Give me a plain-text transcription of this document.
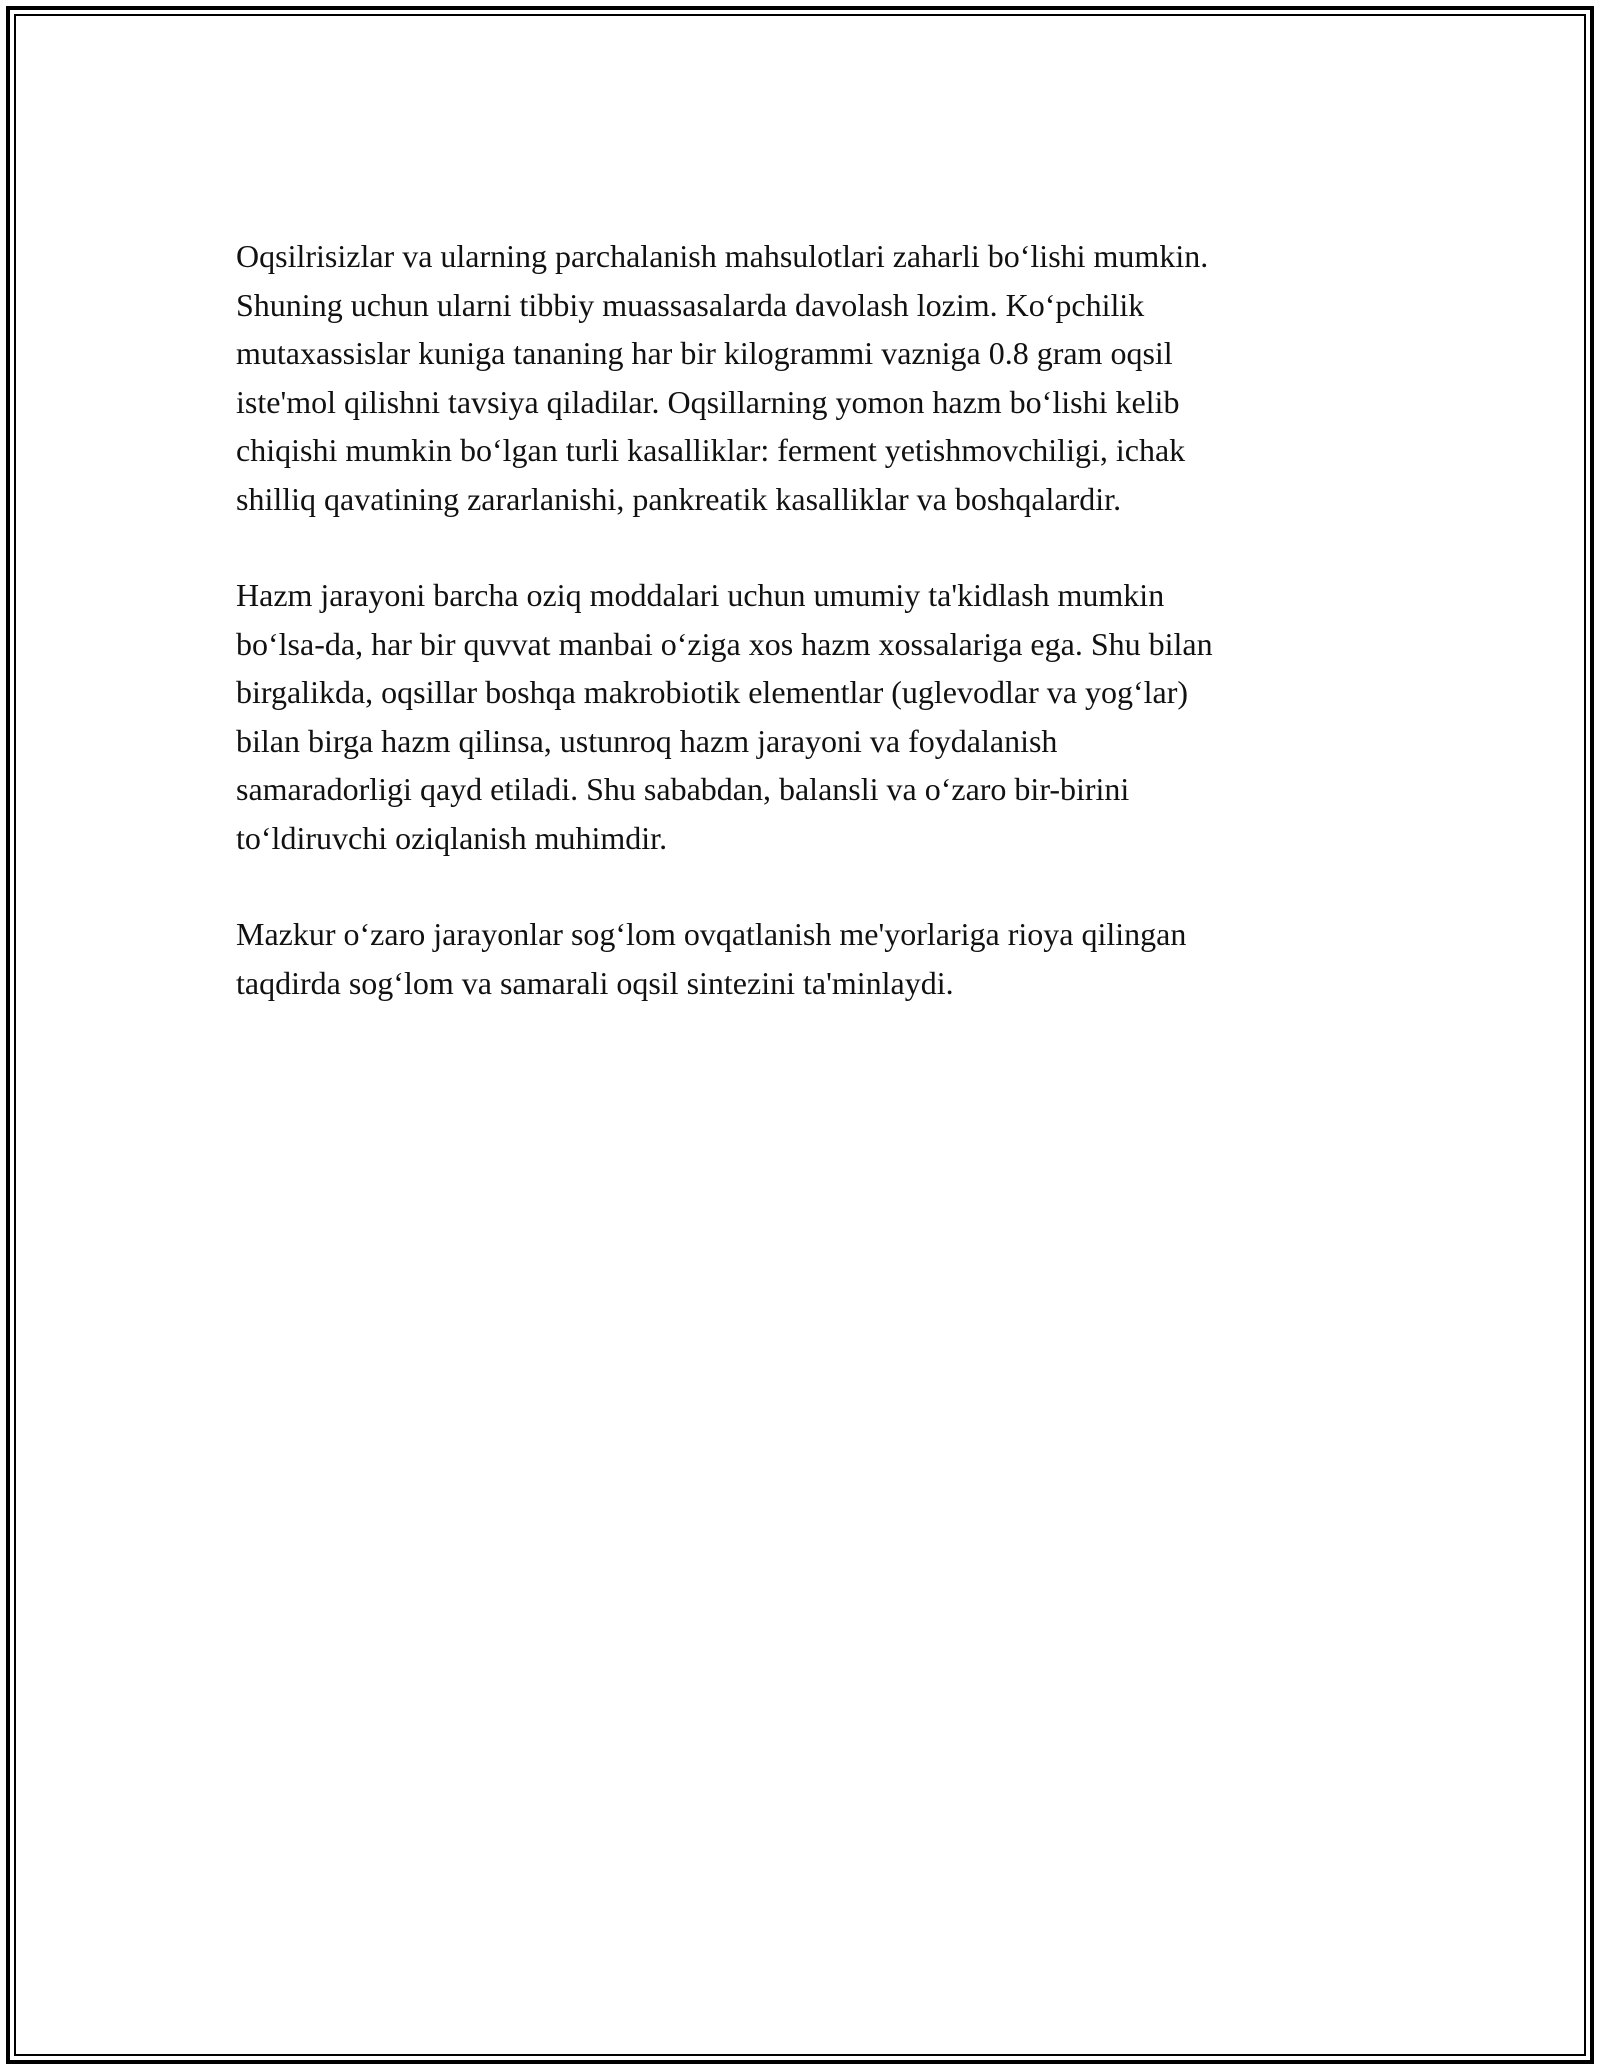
Oqsilrisizlar va ularning parchalanish mahsulotlari zaharli bo‘lishi mumkin.
Shuning uchun ularni tibbiy muassasalarda davolash lozim. Ko‘pchilik
mutaxassislar kuniga tananing har bir kilogrammi vazniga 0.8 gram oqsil
iste'mol qilishni tavsiya qiladilar. Oqsillarning yomon hazm bo‘lishi kelib
chiqishi mumkin bo‘lgan turli kasalliklar: ferment yetishmovchiligi, ichak
shilliq qavatining zararlanishi, pankreatik kasalliklar va boshqalardir.

Hazm jarayoni barcha oziq moddalari uchun umumiy ta'kidlash mumkin
bo‘lsa-da, har bir quvvat manbai o‘ziga xos hazm xossalariga ega. Shu bilan
birgalikda, oqsillar boshqa makrobiotik elementlar (uglevodlar va yog‘lar)
bilan birga hazm qilinsa, ustunroq hazm jarayoni va foydalanish
samaradorligi qayd etiladi. Shu sababdan, balansli va o‘zaro bir-birini
to‘ldiruvchi oziqlanish muhimdir.

Mazkur o‘zaro jarayonlar sog‘lom ovqatlanish me'yorlariga rioya qilingan
taqdirda sog‘lom va samarali oqsil sintezini ta'minlaydi.
